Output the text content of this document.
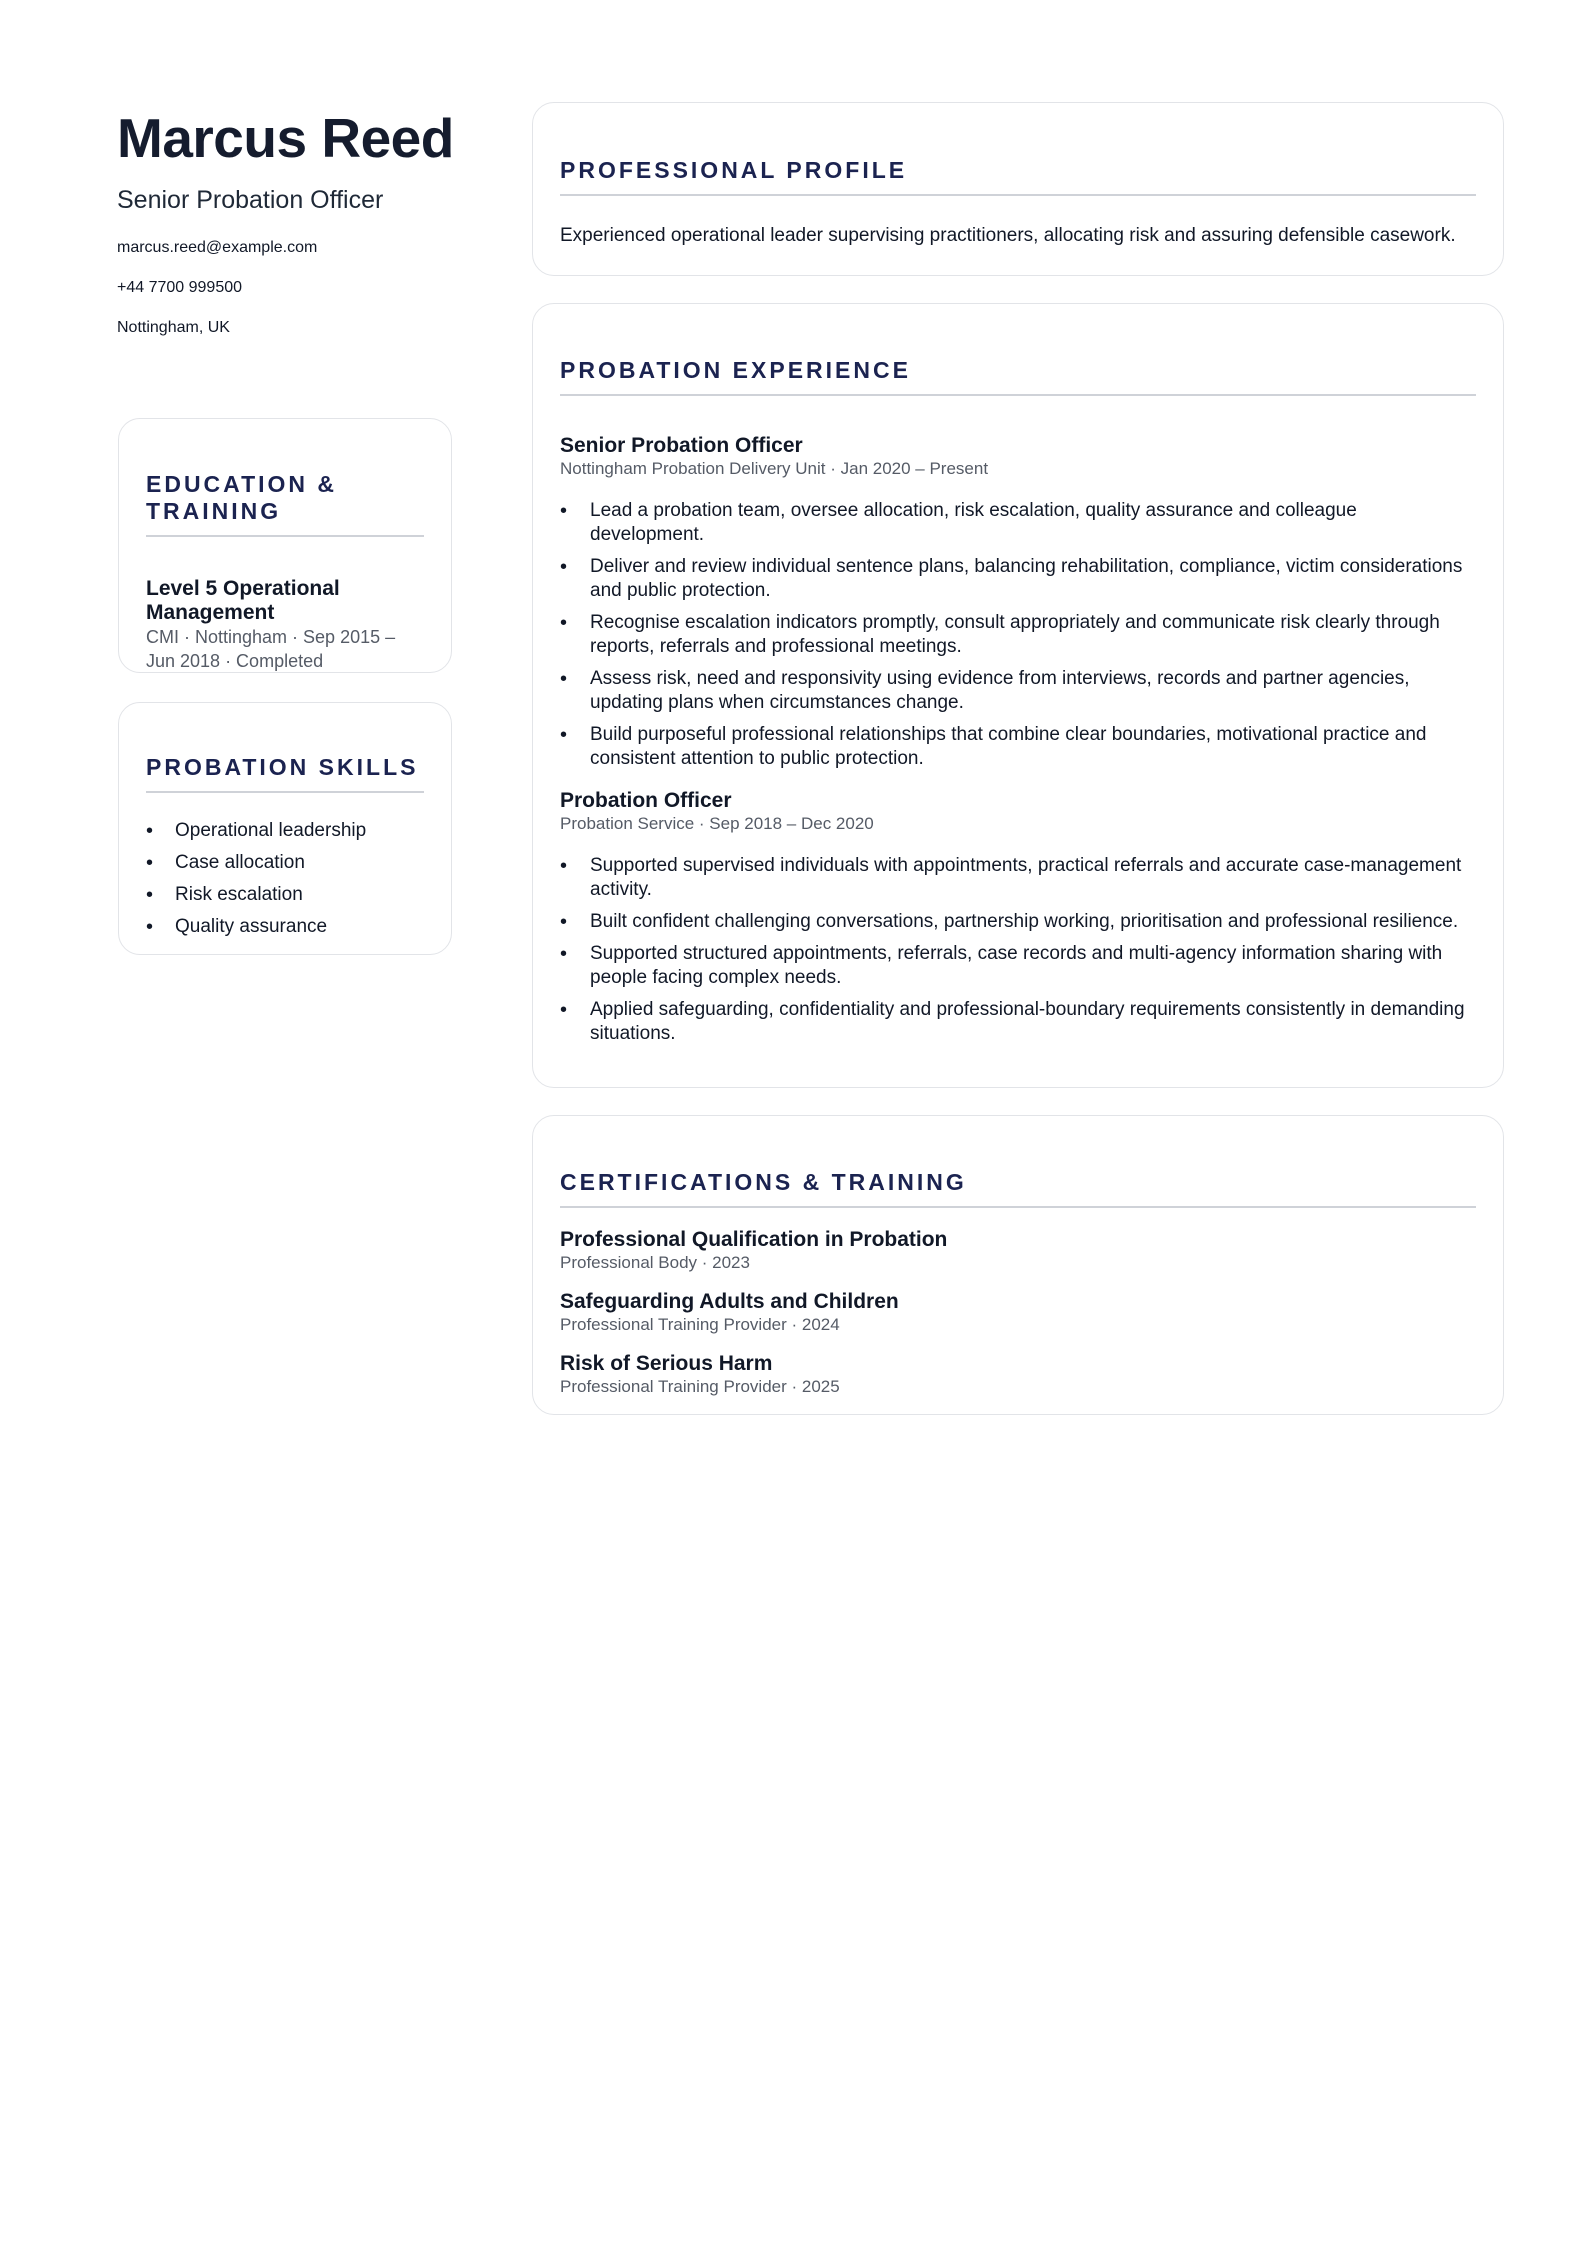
Marcus Reed
Senior Probation Officer
marcus.reed@example.com
+44 7700 999500
Nottingham, UK
EDUCATION & TRAINING
Level 5 Operational Management
CMI · Nottingham · Sep 2015 – Jun 2018 · Completed
PROBATION SKILLS
• Operational leadership
• Case allocation
• Risk escalation
• Quality assurance
PROFESSIONAL PROFILE
Experienced operational leader supervising practitioners, allocating risk and assuring defensible casework.
PROBATION EXPERIENCE
Senior Probation Officer
Nottingham Probation Delivery Unit · Jan 2020 – Present
• Lead a probation team, oversee allocation, risk escalation, quality assurance and colleague development.
• Deliver and review individual sentence plans, balancing rehabilitation, compliance, victim considerations and public protection.
• Recognise escalation indicators promptly, consult appropriately and communicate risk clearly through reports, referrals and professional meetings.
• Assess risk, need and responsivity using evidence from interviews, records and partner agencies, updating plans when circumstances change.
• Build purposeful professional relationships that combine clear boundaries, motivational practice and consistent attention to public protection.
Probation Officer
Probation Service · Sep 2018 – Dec 2020
• Supported supervised individuals with appointments, practical referrals and accurate case-management activity.
• Built confident challenging conversations, partnership working, prioritisation and professional resilience.
• Supported structured appointments, referrals, case records and multi-agency information sharing with people facing complex needs.
• Applied safeguarding, confidentiality and professional-boundary requirements consistently in demanding situations.
CERTIFICATIONS & TRAINING
Professional Qualification in Probation
Professional Body · 2023
Safeguarding Adults and Children
Professional Training Provider · 2024
Risk of Serious Harm
Professional Training Provider · 2025
